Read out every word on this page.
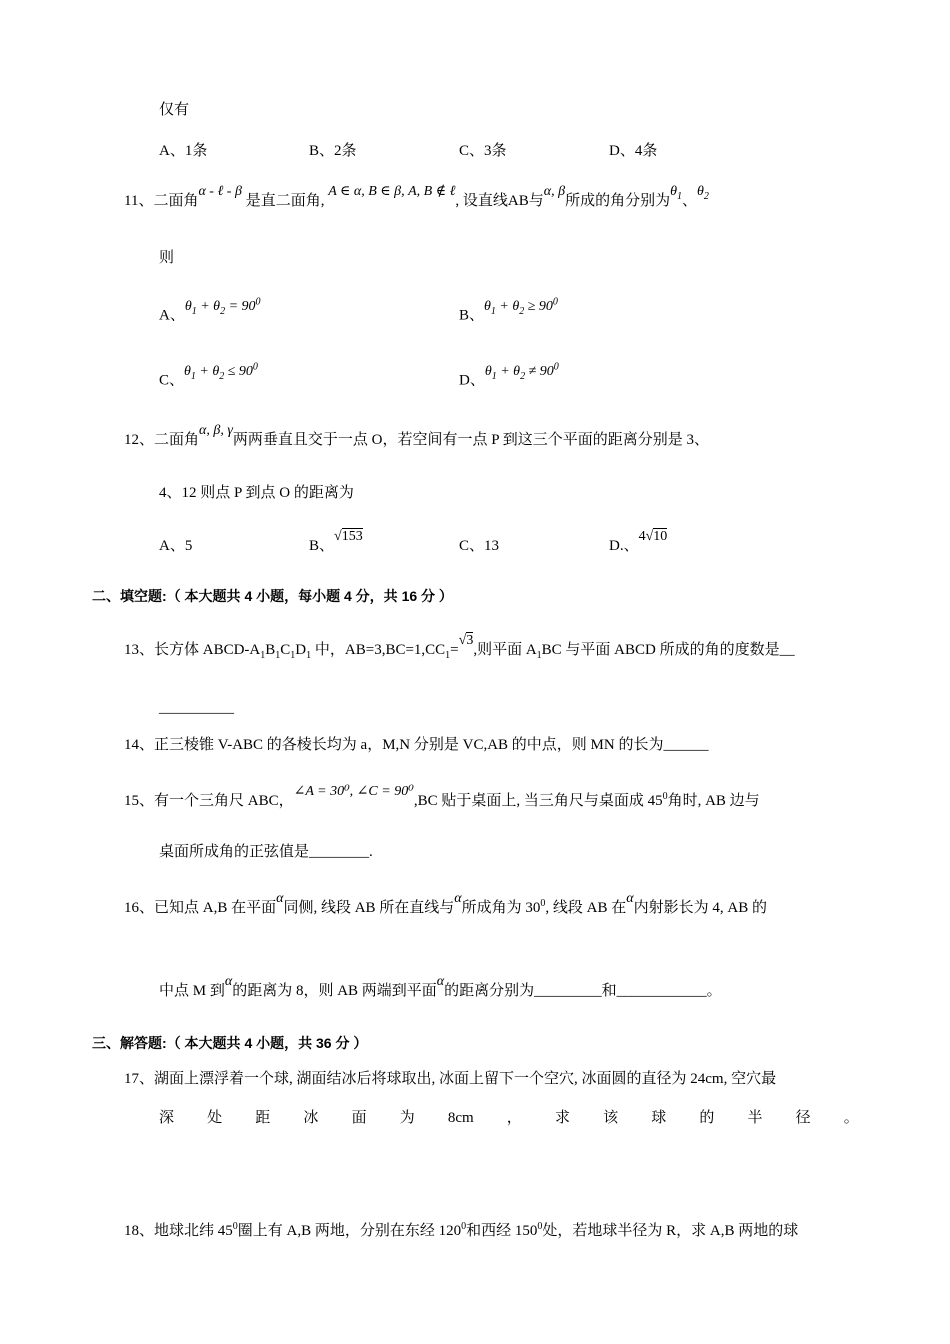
仅有
A、1条	B、2条	C、3条	D、4条
11、二面角α - ℓ - β 是直二面角, A ∈ α, B ∈ β, A, B ∉ ℓ, 设直线AB与α, β所成的角分别为$\theta_1$、$\theta_2$
则
A、$\theta_1 + \theta_2 = 90^0$
B、$\theta_1 + \theta_2 \ge 90^0$
C、$\theta_1 + \theta_2 \le 90^0$
D、$\theta_1 + \theta_2 \ne 90^0$
12、二面角α, β, γ两两垂直且交于一点 O，若空间有一点 P 到这三个平面的距离分别是 3、
4、12 则点 P 到点 O 的距离为
A、5	B、√153
C、13	D.、4√10
二、填空题:（ 本大题共 4 小题，每小题 4 分，共 16 分 ）
13、长方体 ABCD-$A_1B_1C_1D_1$ 中，$AB=3,BC=1,CC_1=√3$,则平面 $A_1BC$ 与平面 ABCD 所成的角的度数是__
__________
14、正三棱锥 V-ABC 的各棱长均为 a，M,N 分别是 VC,AB 的中点，则 MN 的长为______
15、有一个三角尺 ABC，∠A = 30⁰, ∠C = 90⁰,BC 贴于桌面上, 当三角尺与桌面成 $45^0$角时, AB 边与
桌面所成角的正弦值是________.
16、已知点 A,B 在平面α同侧, 线段 AB 所在直线与α所成角为 $30^0$, 线段 AB 在α内射影长为 4, AB 的
中点 M 到α的距离为 8，则 AB 两端到平面α的距离分别为_________和____________。
三、解答题:（ 本大题共 4 小题，共 36 分 ）
17、湖面上漂浮着一个球, 湖面结冰后将球取出, 冰面上留下一个空穴, 冰面圆的直径为 24cm, 空穴最
深 处 距 冰 面 为 8cm ， 求 该 球 的 半 径 。
18、地球北纬 $45^0$圈上有 A,B 两地，分别在东经 $120^0$和西经 $150^0$处，若地球半径为 R，求 A,B 两地的球
